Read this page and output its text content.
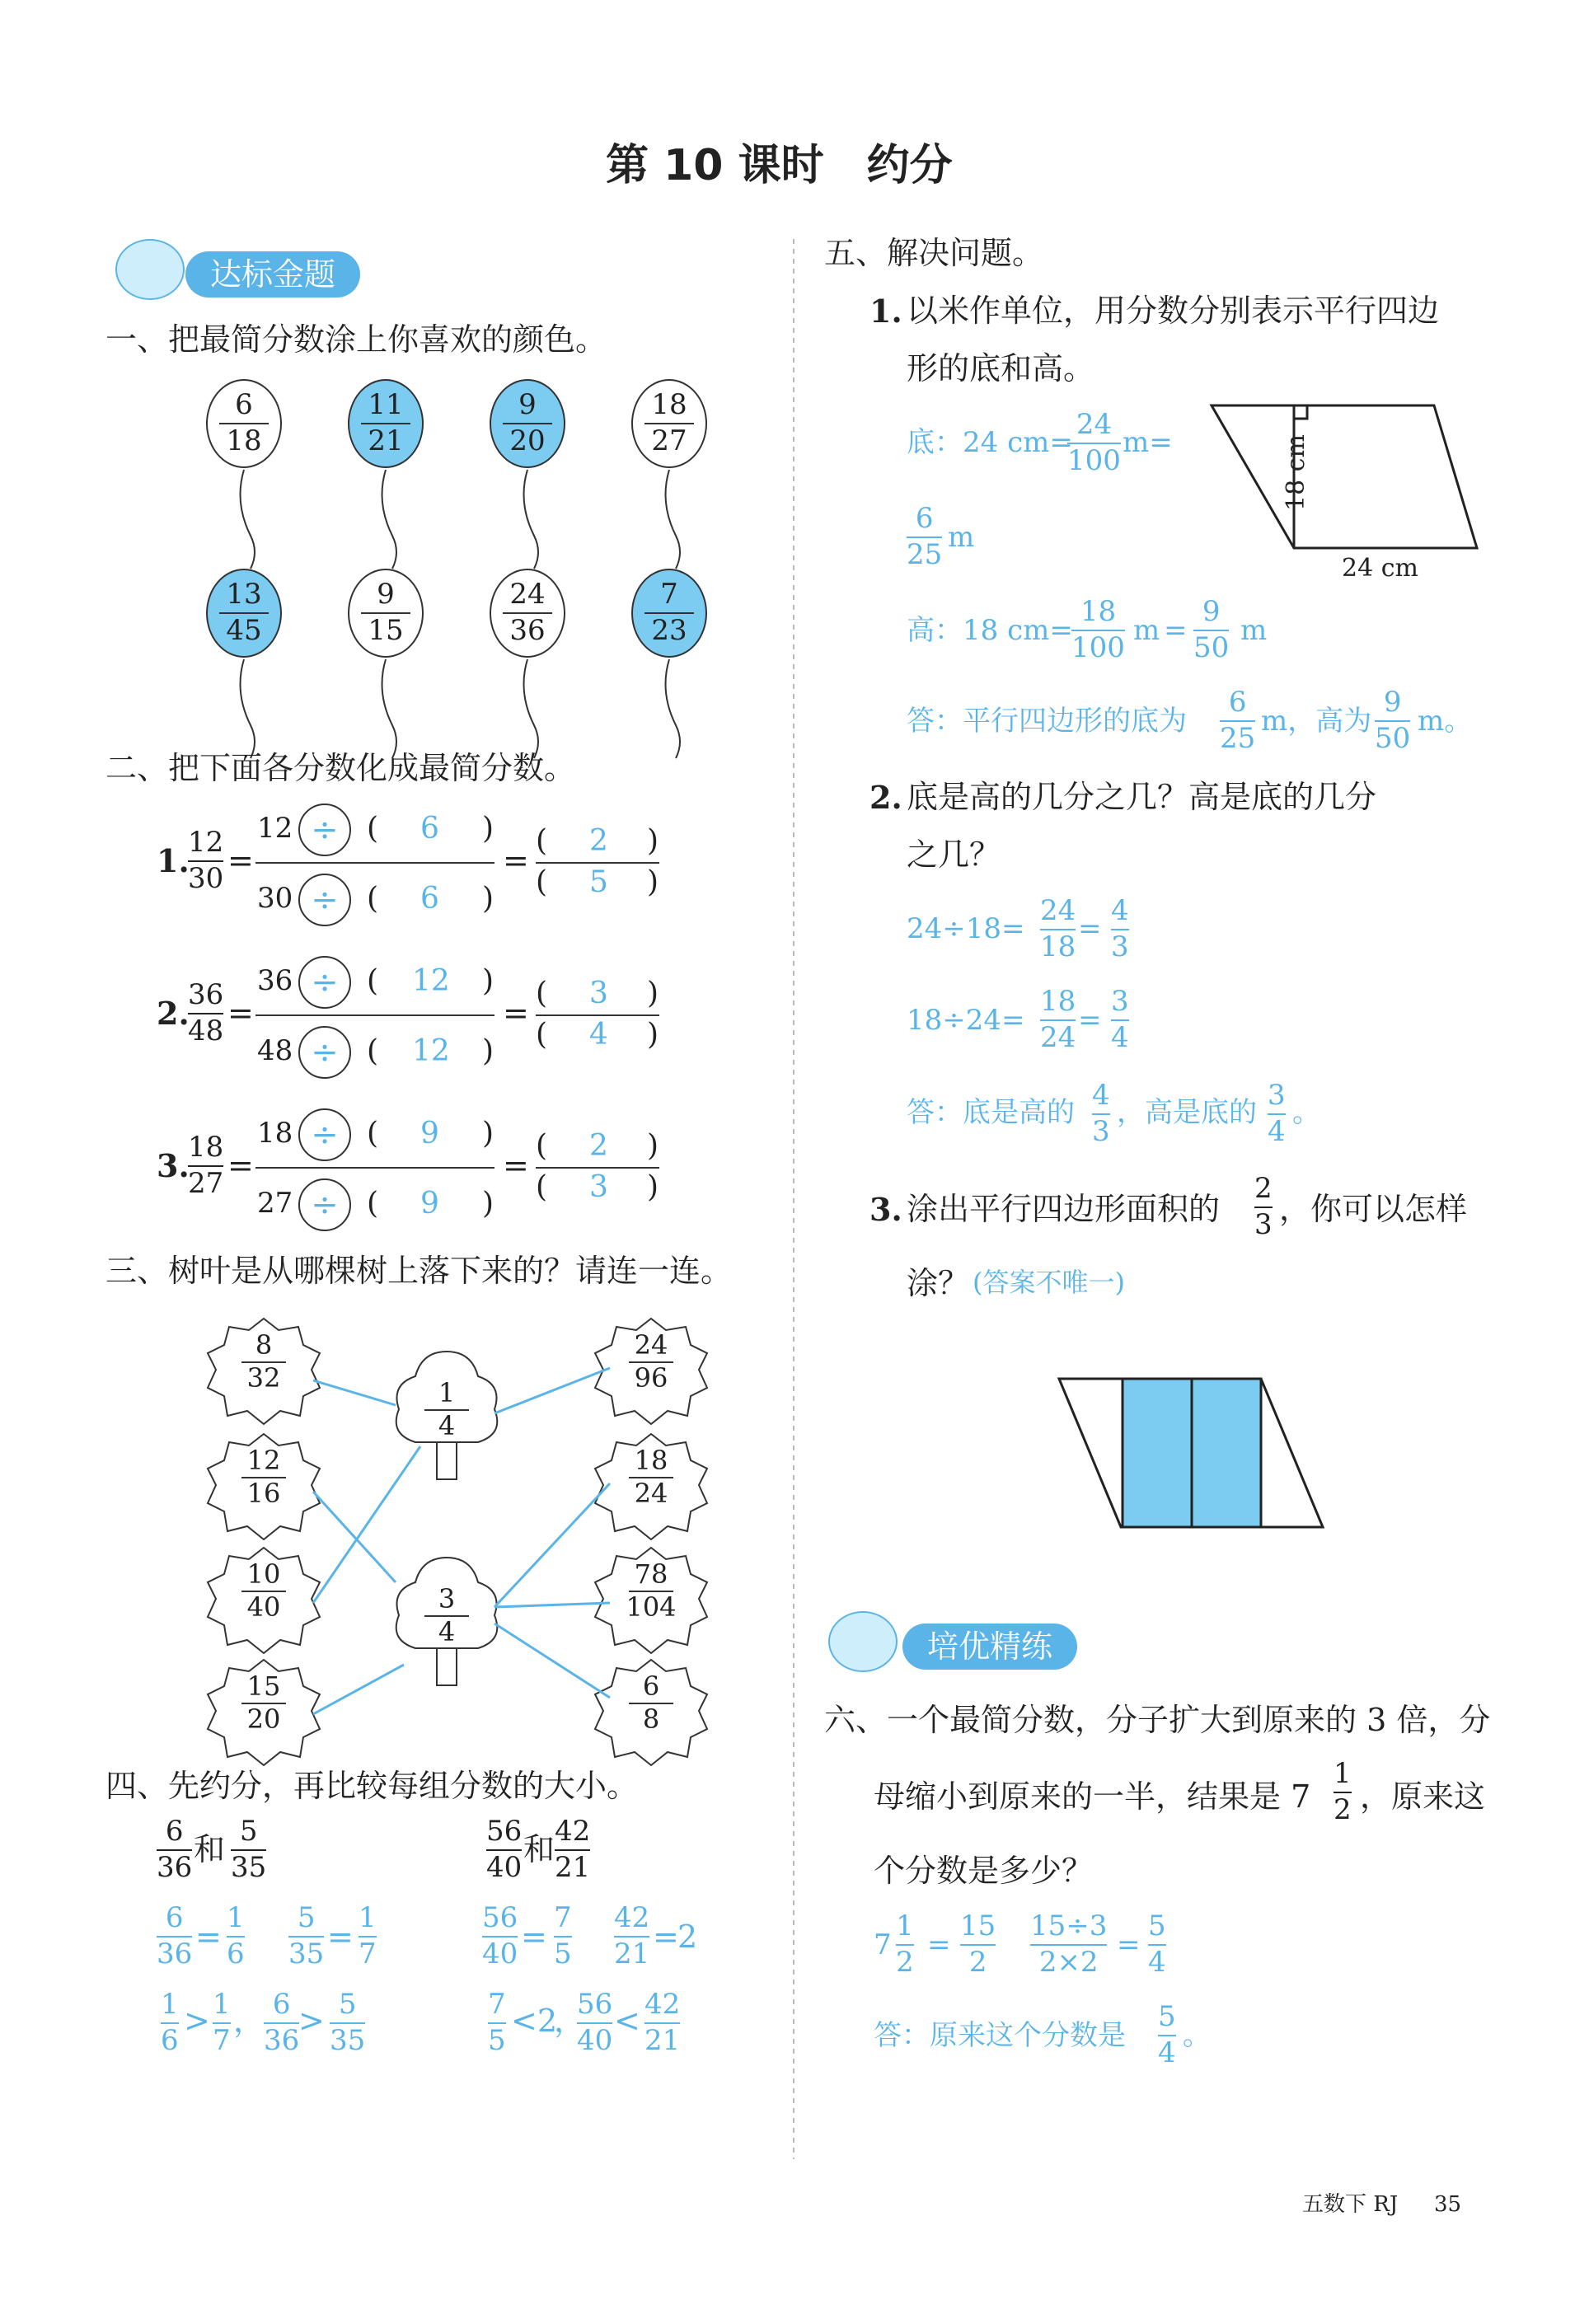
第 10 课时　约分
达标金题
培优精练
一、把最简分数涂上你喜欢的颜色。
6
18
11
21
9
20
18
27
13
45
9
15
24
36
7
23
二、把下面各分数化成最简分数。
1.
12
30 =
12 ÷ ( 6 )
30 ÷ ( 6 )
=
( 2 )
( 5 )
2.
36
48 =
36 ÷ ( 12 )
48 ÷ ( 12 )
=
( 3 )
( 4 )
3.
18
27 =
18 ÷ ( 9 )
27 ÷ ( 9 )
=
( 2 )
( 3 )
三、树叶是从哪棵树上落下来的？请连一连。
8
32
12
16
10
40
15
20
24
96
18
24
78
104
6
8
1
4
3
4
四、先约分，再比较每组分数的大小。
6
36 和 5
35
56
40 和 42
21
6
36 =
1
6
5
35 =
1
7
56
40 =
7
5
42
21 =
2
1
6
> 1
7
， 6
36
> 5
35
7
5
< 2
，
56
40
< 42
21
五、解决问题。
1. 以米作单位，用分数分别表示平行四边
形的底和高。
18 cm
24 cm
底：24 cm=
24
100
m=
6
25
m
高：18 cm=
18
100
m =
9
50
m
答：平行四边形的底为
6
25
m，高为
9
50
m。
2. 底是高的几分之几？高是底的几分
之几？
24÷18=
24
18
=
4
3
18÷24=
18
24
=
3
4
答：底是高的
4
3
，高是底的
3
4
。
3. 涂出平行四边形面积的
2
3 ，你可以怎样
涂？ (答案不唯一)
六、一个最简分数，分子扩大到原来的 3 倍，分
母缩小到原来的一半，结果是 7
1
2 ，原来这
个分数是多少？
7
1
2
=
15
2
15÷3
2×2
=
5
4
答：原来这个分数是
5
4
。
五数下 RJ 35
